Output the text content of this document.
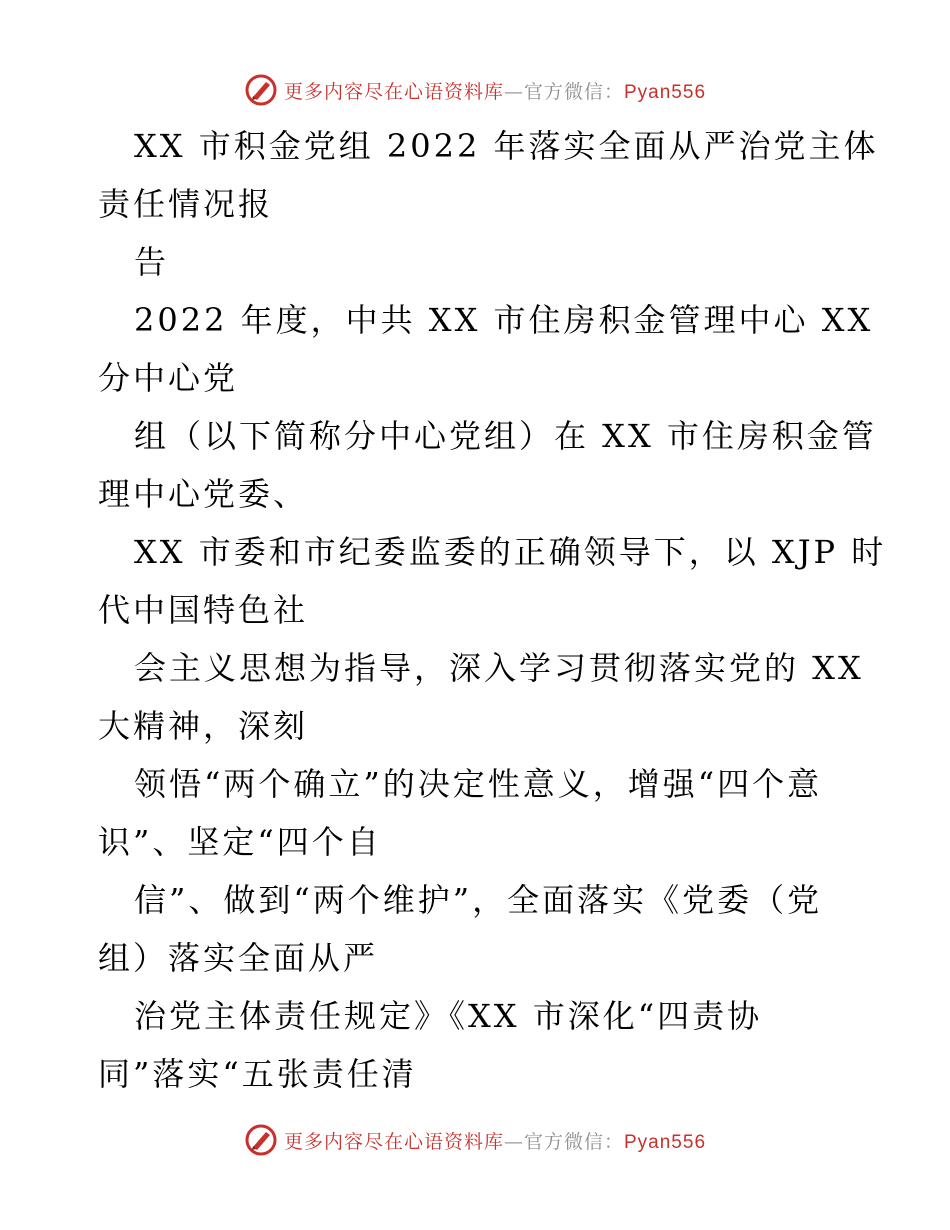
更多内容尽在心语资料库—官方微信：Pyan556
XX 市积金党组 2022 年落实全面从严治党主体
责任情况报
告
2022 年度，中共 XX 市住房积金管理中心 XX
分中心党
组（以下简称分中心党组）在 XX 市住房积金管
理中心党委、
XX 市委和市纪委监委的正确领导下，以 XJP 时
代中国特色社
会主义思想为指导，深入学习贯彻落实党的 XX
大精神，深刻
领悟“两个确立”的决定性意义，增强“四个意
识”、坚定“四个自
信”、做到“两个维护”，全面落实《党委（党
组）落实全面从严
治党主体责任规定》《XX 市深化“四责协
同”落实“五张责任清
更多内容尽在心语资料库—官方微信：Pyan556
